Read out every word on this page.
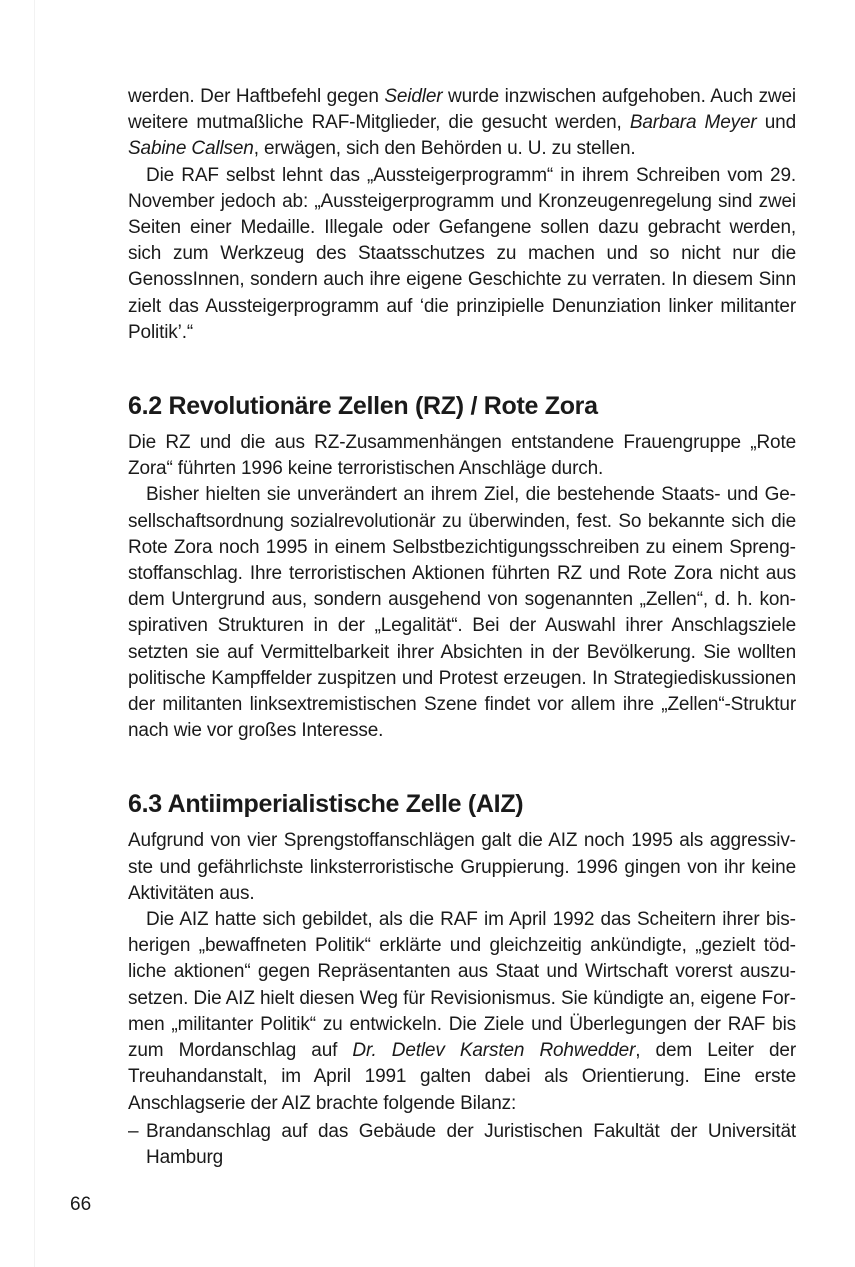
werden. Der Haftbefehl gegen Seidler wurde inzwischen aufgehoben. Auch zwei weitere mutmaßliche RAF-Mitglieder, die gesucht werden, Barbara Meyer und Sabine Callsen, erwägen, sich den Behörden u. U. zu stellen.

Die RAF selbst lehnt das „Aussteigerprogramm“ in ihrem Schreiben vom 29. November jedoch ab: „Aussteigerprogramm und Kronzeugenregelung sind zwei Seiten einer Medaille. Illegale oder Gefangene sollen dazu gebracht werden, sich zum Werkzeug des Staatsschutzes zu machen und so nicht nur die GenossInnen, sondern auch ihre eigene Geschichte zu verraten. In diesem Sinn zielt das Aussteigerprogramm auf ‘die prinzipielle Denunziation linker militanter Politik’.“

6.2 Revolutionäre Zellen (RZ) / Rote Zora

Die RZ und die aus RZ-Zusammenhängen entstandene Frauengruppe „Rote Zora“ führten 1996 keine terroristischen Anschläge durch.

Bisher hielten sie unverändert an ihrem Ziel, die bestehende Staats- und Gesellschaftsordnung sozialrevolutionär zu überwinden, fest. So bekannte sich die Rote Zora noch 1995 in einem Selbstbezichtigungsschreiben zu einem Sprengstoffanschlag. Ihre terroristischen Aktionen führten RZ und Rote Zora nicht aus dem Untergrund aus, sondern ausgehend von sogenannten „Zellen“, d. h. konspirativen Strukturen in der „Legalität“. Bei der Auswahl ihrer Anschlagsziele setzten sie auf Vermittelbarkeit ihrer Absichten in der Bevölkerung. Sie wollten politische Kampffelder zuspitzen und Protest erzeugen. In Strategiediskussionen der militanten linksextremistischen Szene findet vor allem ihre „Zellen“-Struktur nach wie vor großes Interesse.

6.3 Antiimperialistische Zelle (AIZ)

Aufgrund von vier Sprengstoffanschlägen galt die AIZ noch 1995 als aggressivste und gefährlichste linksterroristische Gruppierung. 1996 gingen von ihr keine Aktivitäten aus.

Die AIZ hatte sich gebildet, als die RAF im April 1992 das Scheitern ihrer bisherigen „bewaffneten Politik“ erklärte und gleichzeitig ankündigte, „gezielt tödliche aktionen“ gegen Repräsentanten aus Staat und Wirtschaft vorerst auszusetzen. Die AIZ hielt diesen Weg für Revisionismus. Sie kündigte an, eigene Formen „militanter Politik“ zu entwickeln. Die Ziele und Überlegungen der RAF bis zum Mordanschlag auf Dr. Detlev Karsten Rohwedder, dem Leiter der Treuhandanstalt, im April 1991 galten dabei als Orientierung. Eine erste Anschlagserie der AIZ brachte folgende Bilanz:

– Brandanschlag auf das Gebäude der Juristischen Fakultät der Universität Hamburg
66
